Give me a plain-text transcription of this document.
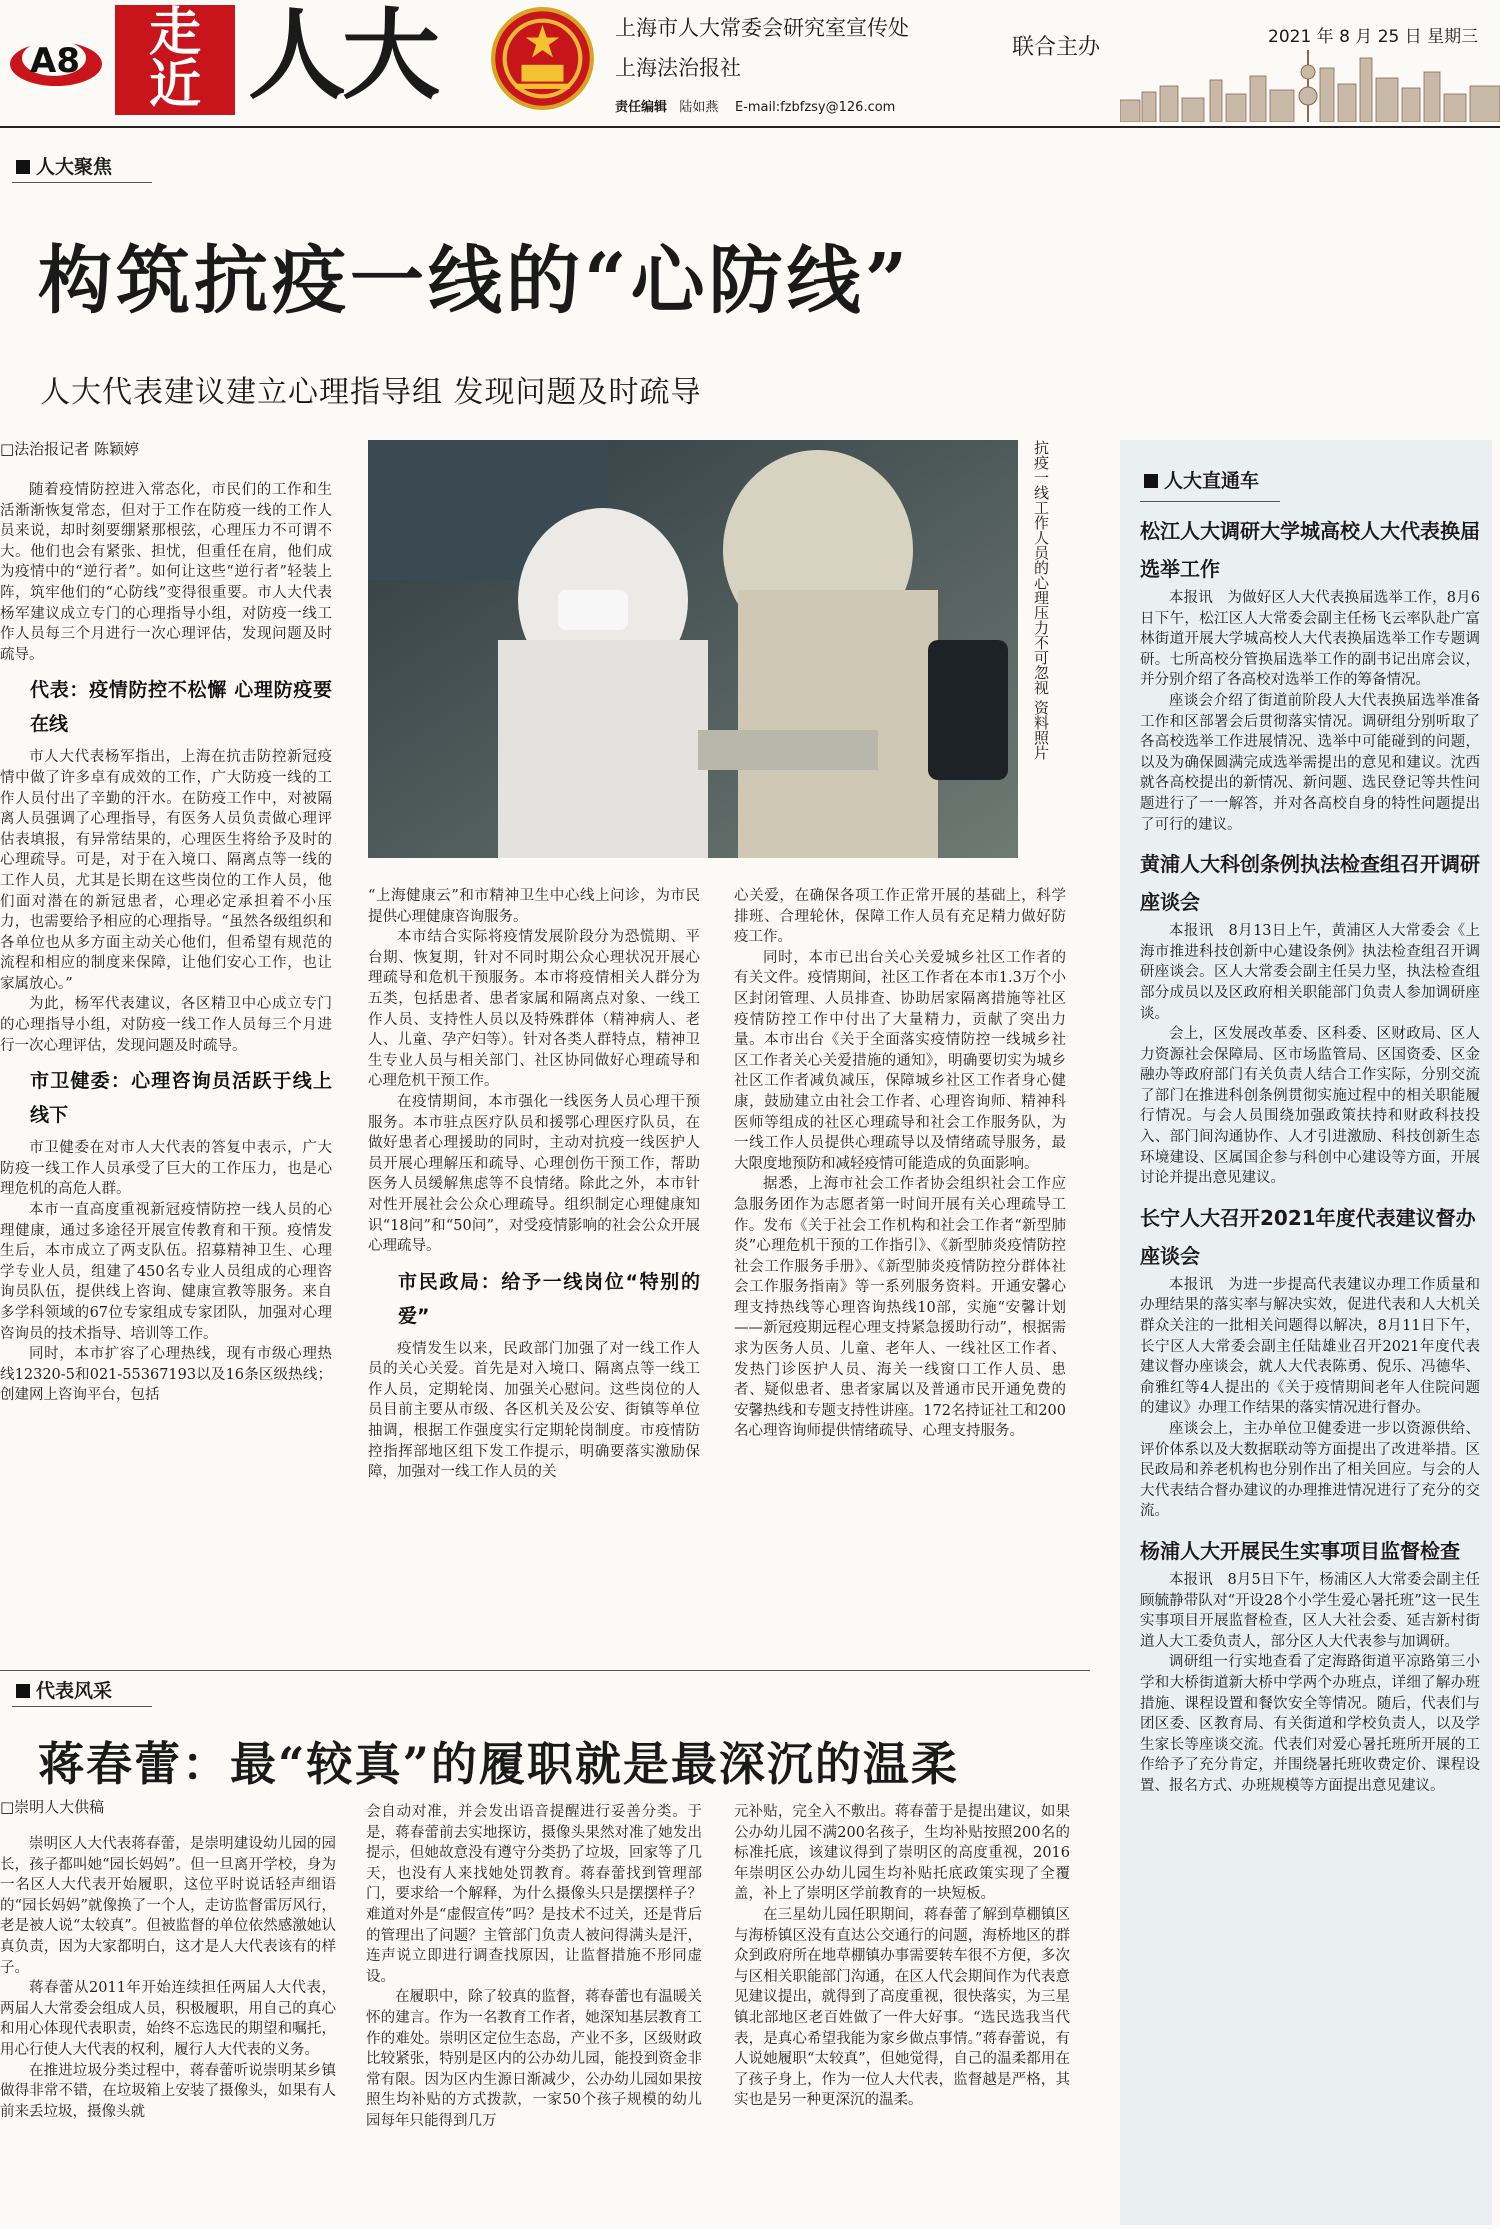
A8	走
近 人大	上海市人大常委会研究室宣传处
上海法治报社
联合主办
责任编辑 陆如燕 E-mail:fzbfzsy@126.com
2021 年 8 月 25 日 星期三
人大聚焦
构筑抗疫一线的“心防线”
人大代表建议建立心理指导组 发现问题及时疏导
□法治报记者 陈颖婷

随着疫情防控进入常态化，市民们的工作和生活渐渐恢复常态，但对于工作在防疫一线的工作人员来说，却时刻要绷紧那根弦，心理压力不可谓不大。他们也会有紧张、担忧，但重任在肩，他们成为疫情中的“逆行者”。如何让这些“逆行者”轻装上阵，筑牢他们的“心防线”变得很重要。市人大代表杨军建议成立专门的心理指导小组，对防疫一线工作人员每三个月进行一次心理评估，发现问题及时疏导。

代表：疫情防控不松懈 心理防疫要在线

市人大代表杨军指出，上海在抗击防控新冠疫情中做了许多卓有成效的工作，广大防疫一线的工作人员付出了辛勤的汗水。在防疫工作中，对被隔离人员强调了心理指导，有医务人员负责做心理评估表填报，有异常结果的，心理医生将给予及时的心理疏导。可是，对于在入境口、隔离点等一线的工作人员，尤其是长期在这些岗位的工作人员，他们面对潜在的新冠患者，心理必定承担着不小压力，也需要给予相应的心理指导。“虽然各级组织和各单位也从多方面主动关心他们，但希望有规范的流程和相应的制度来保障，让他们安心工作，也让家属放心。”

为此，杨军代表建议，各区精卫中心成立专门的心理指导小组，对防疫一线工作人员每三个月进行一次心理评估，发现问题及时疏导。

市卫健委：心理咨询员活跃于线上线下

市卫健委在对市人大代表的答复中表示，广大防疫一线工作人员承受了巨大的工作压力，也是心理危机的高危人群。

本市一直高度重视新冠疫情防控一线人员的心理健康，通过多途径开展宣传教育和干预。疫情发生后，本市成立了两支队伍。招募精神卫生、心理学专业人员，组建了450名专业人员组成的心理咨询员队伍，提供线上咨询、健康宣教等服务。来自多学科领域的67位专家组成专家团队，加强对心理咨询员的技术指导、培训等工作。

同时，本市扩容了心理热线，现有市级心理热线12320-5和021-55367193以及16条区级热线；创建网上咨询平台，包括

抗疫一线工作人员的心理压力不可忽视 资料照片

“上海健康云”和市精神卫生中心线上问诊，为市民提供心理健康咨询服务。

本市结合实际将疫情发展阶段分为恐慌期、平台期、恢复期，针对不同时期公众心理状况开展心理疏导和危机干预服务。本市将疫情相关人群分为五类，包括患者、患者家属和隔离点对象、一线工作人员、支持性人员以及特殊群体（精神病人、老人、儿童、孕产妇等）。针对各类人群特点，精神卫生专业人员与相关部门、社区协同做好心理疏导和心理危机干预工作。

在疫情期间，本市强化一线医务人员心理干预服务。本市驻点医疗队员和援鄂心理医疗队员，在做好患者心理援助的同时，主动对抗疫一线医护人员开展心理解压和疏导、心理创伤干预工作，帮助医务人员缓解焦虑等不良情绪。除此之外，本市针对性开展社会公众心理疏导。组织制定心理健康知识“18问”和“50问”，对受疫情影响的社会公众开展心理疏导。

市民政局：给予一线岗位“特别的爱”

疫情发生以来，民政部门加强了对一线工作人员的关心关爱。首先是对入境口、隔离点等一线工作人员，定期轮岗、加强关心慰问。这些岗位的人员目前主要从市级、各区机关及公安、街镇等单位抽调，根据工作强度实行定期轮岗制度。市疫情防控指挥部地区组下发工作提示，明确要落实激励保障，加强对一线工作人员的关

心关爱，在确保各项工作正常开展的基础上，科学排班、合理轮休，保障工作人员有充足精力做好防疫工作。

同时，本市已出台关心关爱城乡社区工作者的有关文件。疫情期间，社区工作者在本市1.3万个小区封闭管理、人员排查、协助居家隔离措施等社区疫情防控工作中付出了大量精力，贡献了突出力量。本市出台《关于全面落实疫情防控一线城乡社区工作者关心关爱措施的通知》，明确要切实为城乡社区工作者减负减压，保障城乡社区工作者身心健康，鼓励建立由社会工作者、心理咨询师、精神科医师等组成的社区心理疏导和社会工作服务队，为一线工作人员提供心理疏导以及情绪疏导服务，最大限度地预防和减轻疫情可能造成的负面影响。

据悉，上海市社会工作者协会组织社会工作应急服务团作为志愿者第一时间开展有关心理疏导工作。发布《关于社会工作机构和社会工作者“新型肺炎”心理危机干预的工作指引》、《新型肺炎疫情防控社会工作服务手册》、《新型肺炎疫情防控分群体社会工作服务指南》等一系列服务资料。开通安馨心理支持热线等心理咨询热线10部，实施“安馨计划——新冠疫期远程心理支持紧急援助行动”，根据需求为医务人员、儿童、老年人、一线社区工作者、发热门诊医护人员、海关一线窗口工作人员、患者、疑似患者、患者家属以及普通市民开通免费的安馨热线和专题支持性讲座。172名持证社工和200名心理咨询师提供情绪疏导、心理支持服务。

代表风采
蒋春蕾：最“较真”的履职就是最深沉的温柔
□崇明人大供稿

崇明区人大代表蒋春蕾，是崇明建设幼儿园的园长，孩子都叫她“园长妈妈”。但一旦离开学校，身为一名区人大代表开始履职，这位平时说话轻声细语的“园长妈妈”就像换了一个人，走访监督雷厉风行，老是被人说“太较真”。但被监督的单位依然感激她认真负责，因为大家都明白，这才是人大代表该有的样子。

蒋春蕾从2011年开始连续担任两届人大代表，两届人大常委会组成人员，积极履职，用自己的真心和用心体现代表职责，始终不忘选民的期望和嘱托，用心行使人大代表的权利，履行人大代表的义务。

在推进垃圾分类过程中，蒋春蕾听说崇明某乡镇做得非常不错，在垃圾箱上安装了摄像头，如果有人前来丢垃圾，摄像头就

会自动对准，并会发出语音提醒进行妥善分类。于是，蒋春蕾前去实地探访，摄像头果然对准了她发出提示，但她故意没有遵守分类扔了垃圾，回家等了几天，也没有人来找她处罚教育。蒋春蕾找到管理部门，要求给一个解释，为什么摄像头只是摆摆样子？难道对外是“虚假宣传”吗？是技术不过关，还是背后的管理出了问题？主管部门负责人被问得满头是汗，连声说立即进行调查找原因，让监督措施不形同虚设。

在履职中，除了较真的监督，蒋春蕾也有温暖关怀的建言。作为一名教育工作者，她深知基层教育工作的难处。崇明区定位生态岛，产业不多，区级财政比较紧张，特别是区内的公办幼儿园，能投到资金非常有限。因为区内生源日渐减少，公办幼儿园如果按照生均补贴的方式拨款，一家50个孩子规模的幼儿园每年只能得到几万

元补贴，完全入不敷出。蒋春蕾于是提出建议，如果公办幼儿园不满200名孩子，生均补贴按照200名的标准托底，该建议得到了崇明区的高度重视，2016年崇明区公办幼儿园生均补贴托底政策实现了全覆盖，补上了崇明区学前教育的一块短板。

在三星幼儿园任职期间，蒋春蕾了解到草棚镇区与海桥镇区没有直达公交通行的问题，海桥地区的群众到政府所在地草棚镇办事需要转车很不方便，多次与区相关职能部门沟通，在区人代会期间作为代表意见建议提出，就得到了高度重视，很快落实，为三星镇北部地区老百姓做了一件大好事。“选民选我当代表，是真心希望我能为家乡做点事情。”蒋春蕾说，有人说她履职“太较真”，但她觉得，自己的温柔都用在了孩子身上，作为一位人大代表，监督越是严格，其实也是另一种更深沉的温柔。

人大直通车
松江人大调研大学城高校人大代表换届选举工作

本报讯　为做好区人大代表换届选举工作，8月6日下午，松江区人大常委会副主任杨飞云率队赴广富林街道开展大学城高校人大代表换届选举工作专题调研。七所高校分管换届选举工作的副书记出席会议，并分别介绍了各高校对选举工作的筹备情况。

座谈会介绍了街道前阶段人大代表换届选举准备工作和区部署会后贯彻落实情况。调研组分别听取了各高校选举工作进展情况、选举中可能碰到的问题，以及为确保圆满完成选举需提出的意见和建议。沈西就各高校提出的新情况、新问题、选民登记等共性问题进行了一一解答，并对各高校自身的特性问题提出了可行的建议。

黄浦人大科创条例执法检查组召开调研座谈会

本报讯　8月13日上午，黄浦区人大常委会《上海市推进科技创新中心建设条例》执法检查组召开调研座谈会。区人大常委会副主任吴力坚，执法检查组部分成员以及区政府相关职能部门负责人参加调研座谈。

会上，区发展改革委、区科委、区财政局、区人力资源社会保障局、区市场监管局、区国资委、区金融办等政府部门有关负责人结合工作实际，分别交流了部门在推进科创条例贯彻实施过程中的相关职能履行情况。与会人员围绕加强政策扶持和财政科技投入、部门间沟通协作、人才引进激励、科技创新生态环境建设、区属国企参与科创中心建设等方面，开展讨论并提出意见建议。

长宁人大召开2021年度代表建议督办座谈会

本报讯　为进一步提高代表建议办理工作质量和办理结果的落实率与解决实效，促进代表和人大机关群众关注的一批相关问题得以解决，8月11日下午，长宁区人大常委会副主任陆雄业召开2021年度代表建议督办座谈会，就人大代表陈勇、倪乐、冯德华、俞雅红等4人提出的《关于疫情期间老年人住院问题的建议》办理工作结果的落实情况进行督办。

座谈会上，主办单位卫健委进一步以资源供给、评价体系以及大数据联动等方面提出了改进举措。区民政局和养老机构也分别作出了相关回应。与会的人大代表结合督办建议的办理推进情况进行了充分的交流。

杨浦人大开展民生实事项目监督检查

本报讯　8月5日下午，杨浦区人大常委会副主任顾毓静带队对“开设28个小学生爱心暑托班”这一民生实事项目开展监督检查，区人大社会委、延吉新村街道人大工委负责人，部分区人大代表参与加调研。

调研组一行实地查看了定海路街道平凉路第三小学和大桥街道新大桥中学两个办班点，详细了解办班措施、课程设置和餐饮安全等情况。随后，代表们与团区委、区教育局、有关街道和学校负责人，以及学生家长等座谈交流。代表们对爱心暑托班所开展的工作给予了充分肯定，并围绕暑托班收费定价、课程设置、报名方式、办班规模等方面提出意见建议。
